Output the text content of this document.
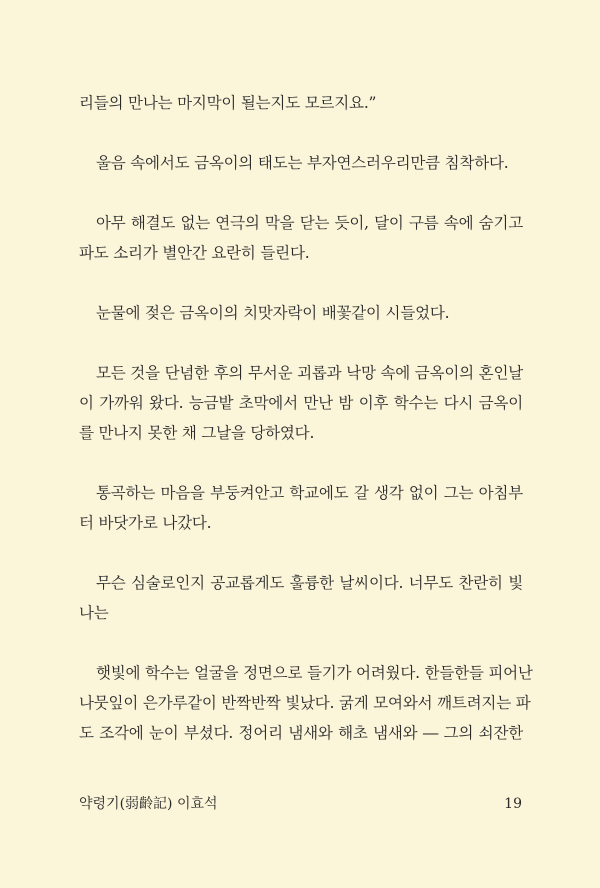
리들의 만나는 마지막이 될는지도 모르지요.”
울음 속에서도 금옥이의 태도는 부자연스러우리만큼 침착하다.
아무 해결도 없는 연극의 막을 닫는 듯이, 달이 구름 속에 숨기고
파도 소리가 별안간 요란히 들린다.
눈물에 젖은 금옥이의 치맛자락이 배꽃같이 시들었다.
모든 것을 단념한 후의 무서운 괴롭과 낙망 속에 금옥이의 혼인날
이 가까워 왔다. 능금밭 초막에서 만난 밤 이후 학수는 다시 금옥이
를 만나지 못한 채 그날을 당하였다.
통곡하는 마음을 부둥켜안고 학교에도 갈 생각 없이 그는 아침부
터 바닷가로 나갔다.
무슨 심술로인지 공교롭게도 훌륭한 날씨이다. 너무도 찬란히 빛
나는
햇빛에 학수는 얼굴을 정면으로 들기가 어려웠다. 한들한들 피어난
나뭇잎이 은가루같이 반짝반짝 빛났다. 굵게 모여와서 깨트려지는 파
도 조각에 눈이 부셨다. 정어리 냄새와 해초 냄새와 ― 그의 쇠잔한
약령기(弱齡記) 이효석	19
